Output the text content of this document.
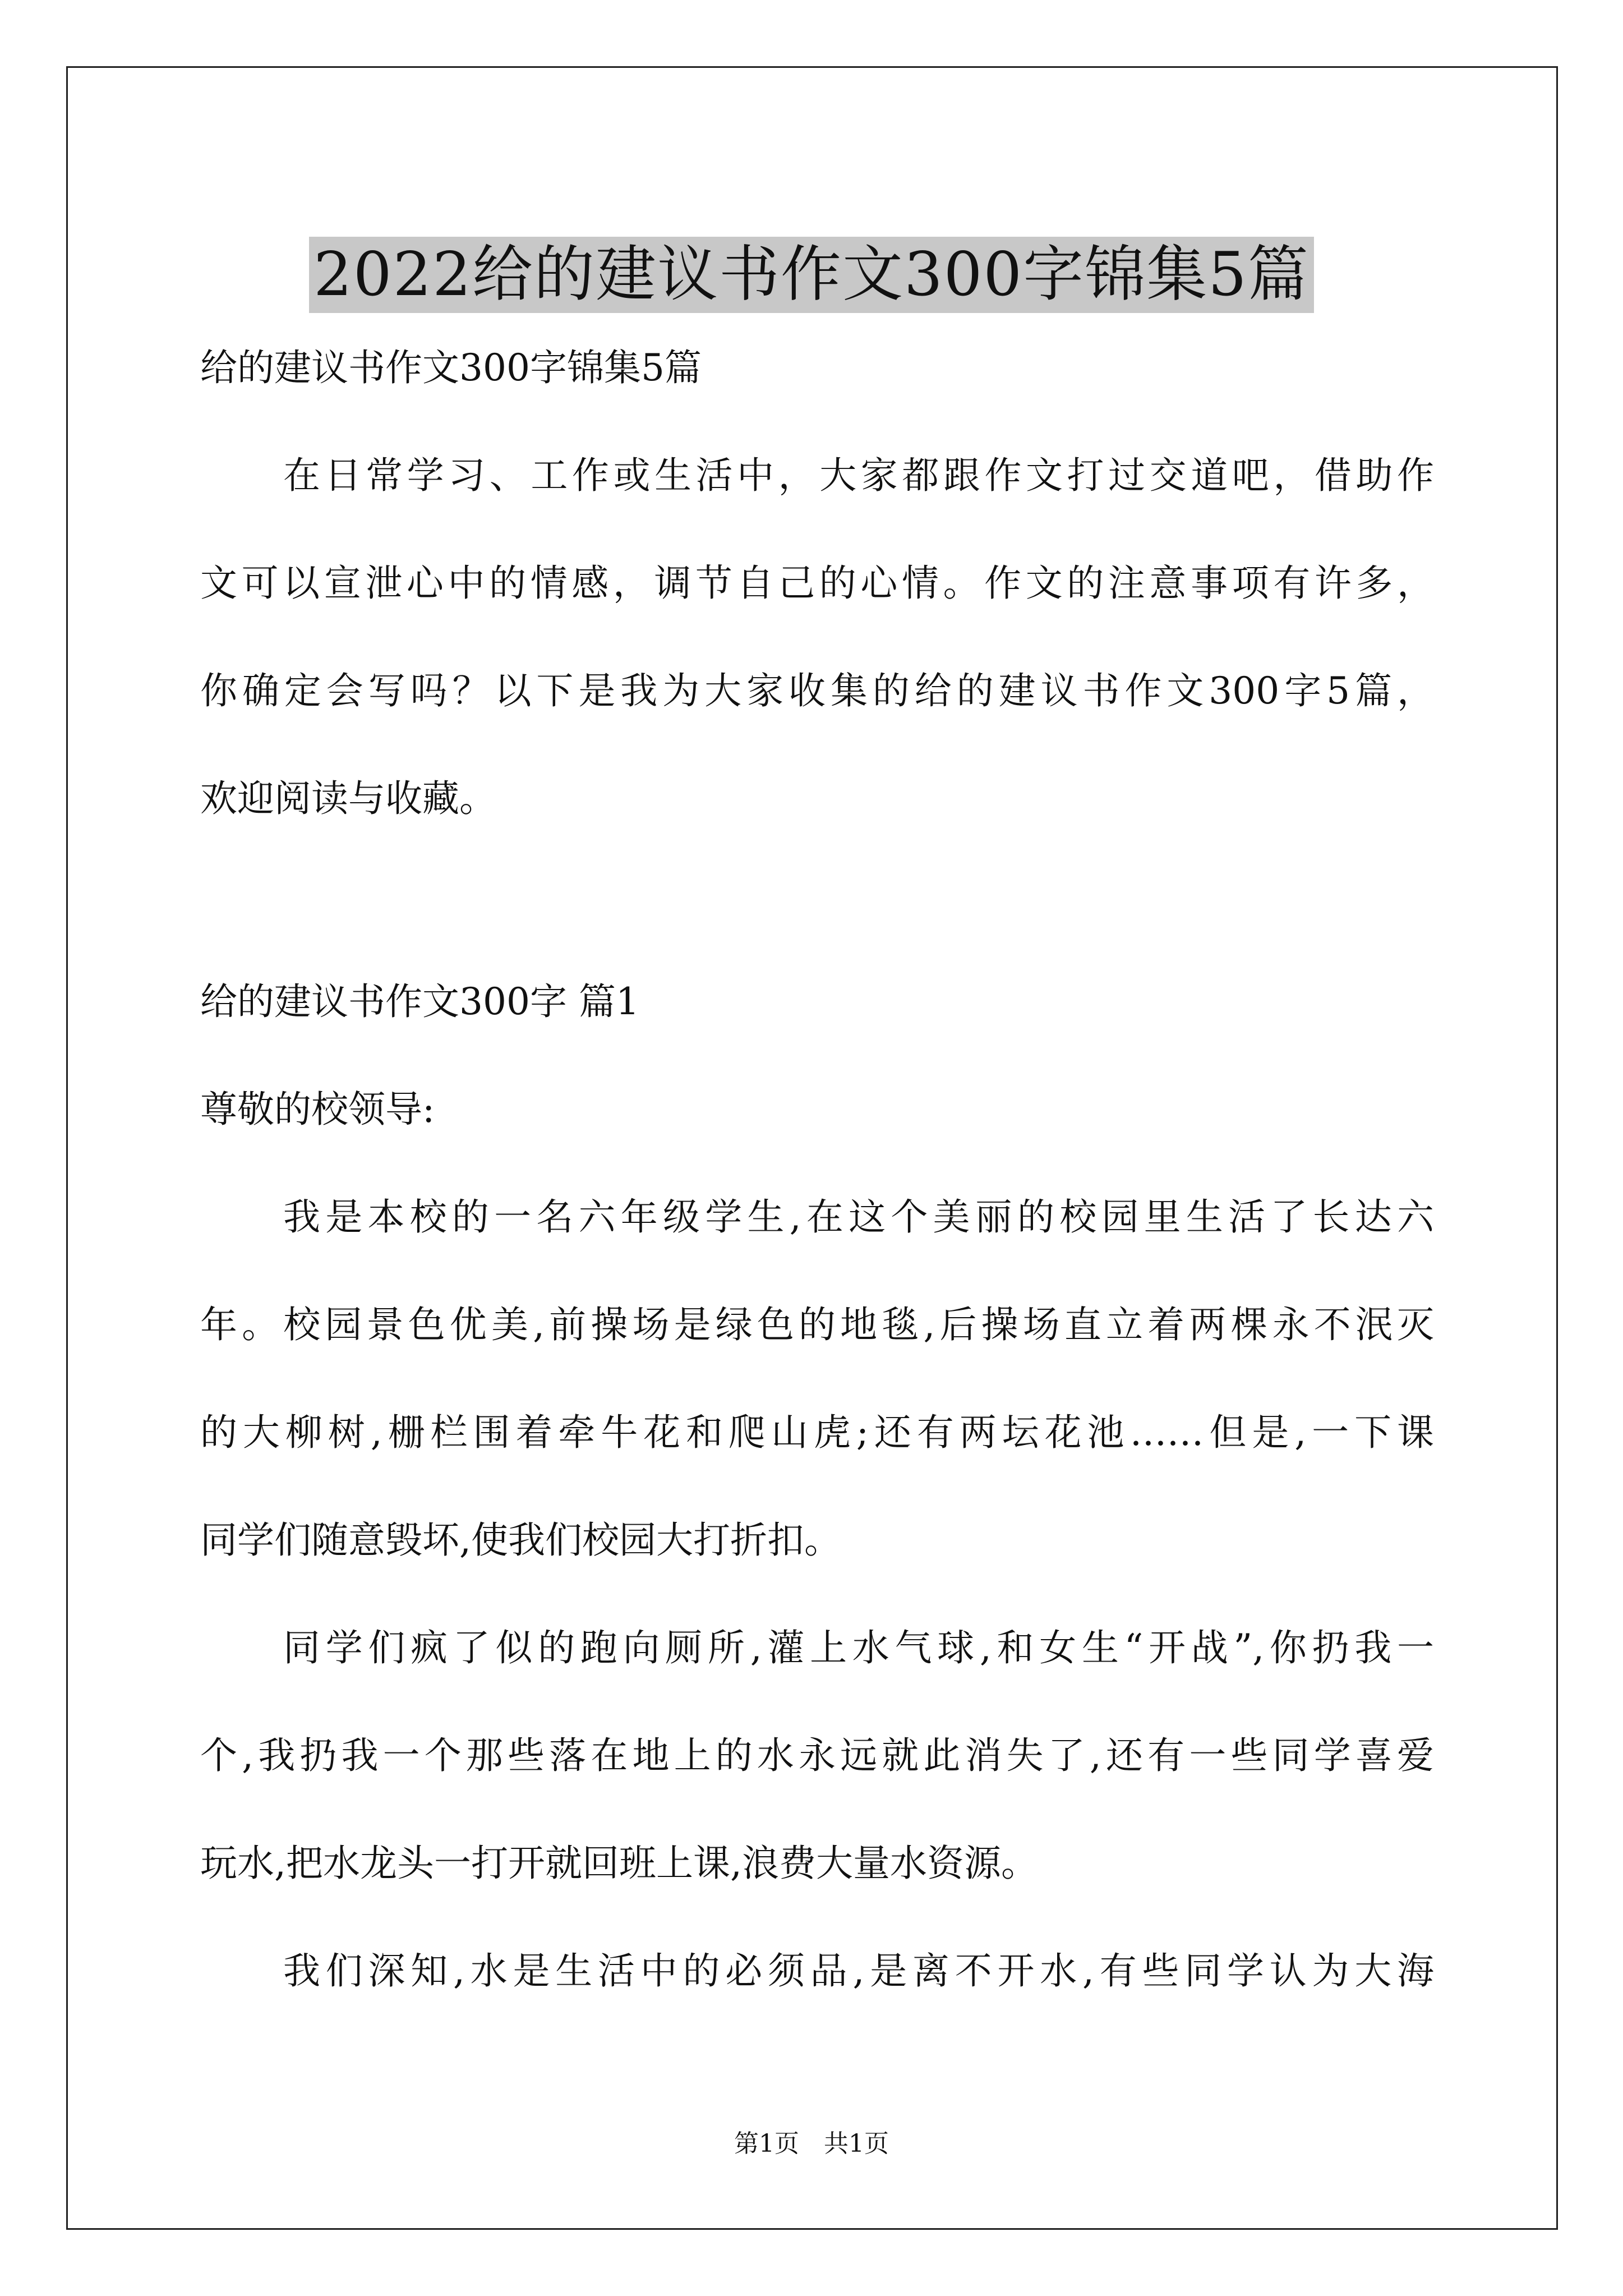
2022给的建议书作文300字锦集5篇
给的建议书作文300字锦集5篇
在日常学习、工作或生活中，大家都跟作文打过交道吧，借助作
文可以宣泄心中的情感，调节自己的心情。作文的注意事项有许多，
你确定会写吗？以下是我为大家收集的给的建议书作文300字5篇，
欢迎阅读与收藏。
给的建议书作文300字 篇1
尊敬的校领导:
我是本校的一名六年级学生,在这个美丽的校园里生活了长达六
年。校园景色优美,前操场是绿色的地毯,后操场直立着两棵永不泯灭
的大柳树,栅栏围着牵牛花和爬山虎;还有两坛花池……但是,一下课
同学们随意毁坏,使我们校园大打折扣。
同学们疯了似的跑向厕所,灌上水气球,和女生“开战”,你扔我一
个,我扔我一个那些落在地上的水永远就此消失了,还有一些同学喜爱
玩水,把水龙头一打开就回班上课,浪费大量水资源。
我们深知,水是生活中的必须品,是离不开水,有些同学认为大海
第1页 共1页
